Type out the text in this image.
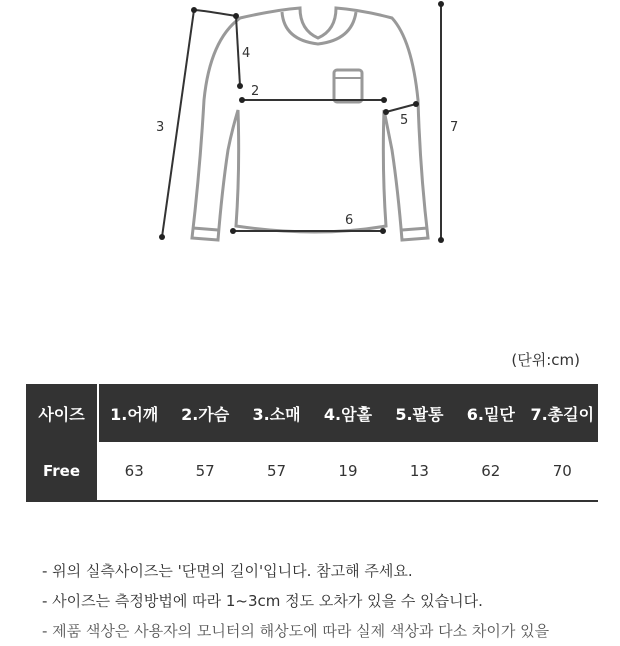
3
4
2
5
6
7
1
(단위:cm)
사이즈	1.어깨	2.가슴	3.소매	4.암홀	5.팔통	6.밑단	7.총길이
Free	63	57	57	19	13	62	70
- 위의 실측사이즈는 '단면의 길이'입니다. 참고해 주세요.
- 사이즈는 측정방법에 따라 1~3cm 정도 오차가 있을 수 있습니다.
- 제품 색상은 사용자의 모니터의 해상도에 따라 실제 색상과 다소 차이가 있을
